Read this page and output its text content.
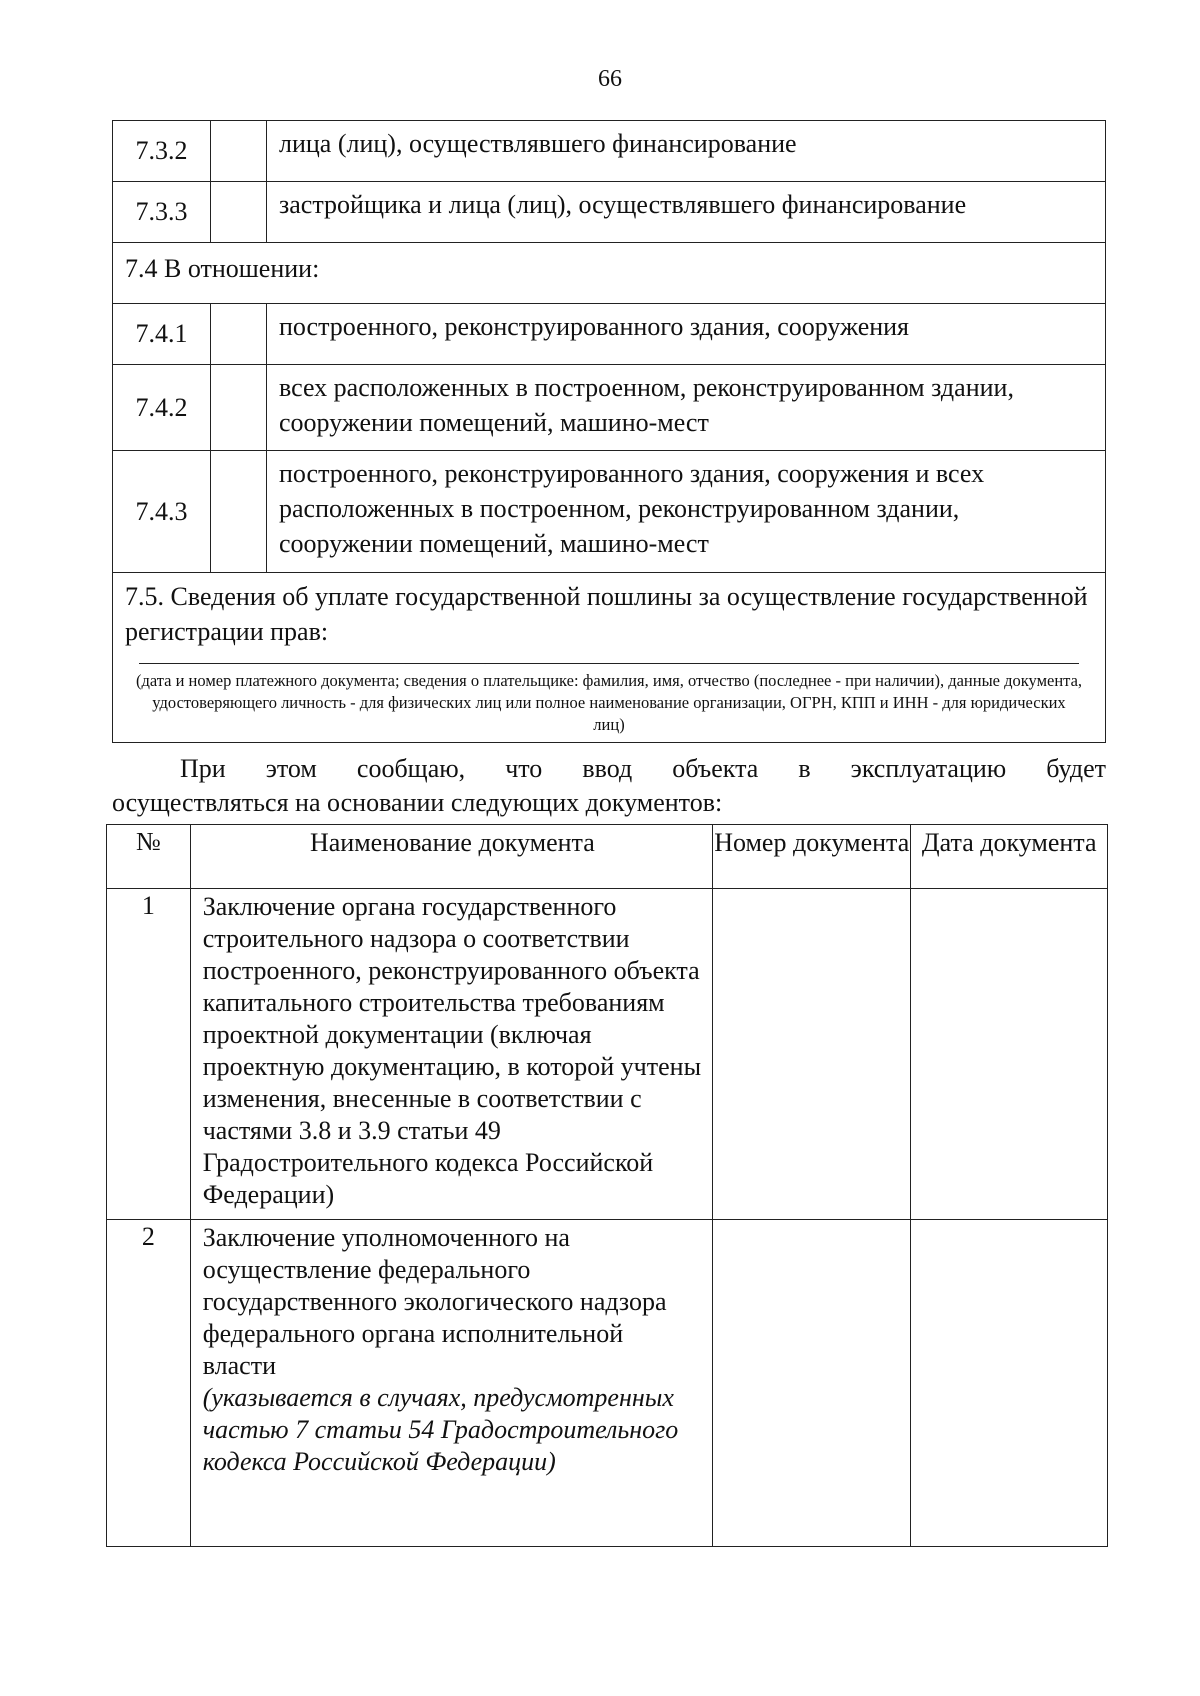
66
7.3.2		лица (лиц), осуществлявшего финансирование
7.3.3		застройщика и лица (лиц), осуществлявшего финансирование
7.4 В отношении:		
7.4.1		построенного, реконструированного здания, сооружения
7.4.2		всех расположенных в построенном, реконструированном здании, сооружении помещений, машино-мест
7.4.3		построенного, реконструированного здания, сооружения и всех расположенных в построенном, реконструированном здании, сооружении помещений, машино-мест

7.5. Сведения об уплате государственной пошлины за осуществление государственной регистрации прав:
(дата и номер платежного документа; сведения о плательщике: фамилия, имя, отчество (последнее - при наличии), данные документа, удостоверяющего личность - для физических лиц или полное наименование организации, ОГРН, КПП и ИНН - для юридических лиц)		
При этом сообщаю, что ввод объекта в эксплуатацию будет
осуществляться на основании следующих документов:
№	Наименование документа	Номер документа	Дата документа
1	Заключение органа государственного строительного надзора о соответствии построенного, реконструированного объекта капитального строительства требованиям проектной документации (включая проектную документацию, в которой учтены изменения, внесенные в соответствии с частями 3.8 и 3.9 статьи 49 Градостроительного кодекса Российской Федерации)		
2	Заключение уполномоченного на осуществление федерального государственного экологического надзора федерального органа исполнительной власти
(указывается в случаях, предусмотренных частью 7 статьи 54 Градостроительного кодекса Российской Федерации)		
